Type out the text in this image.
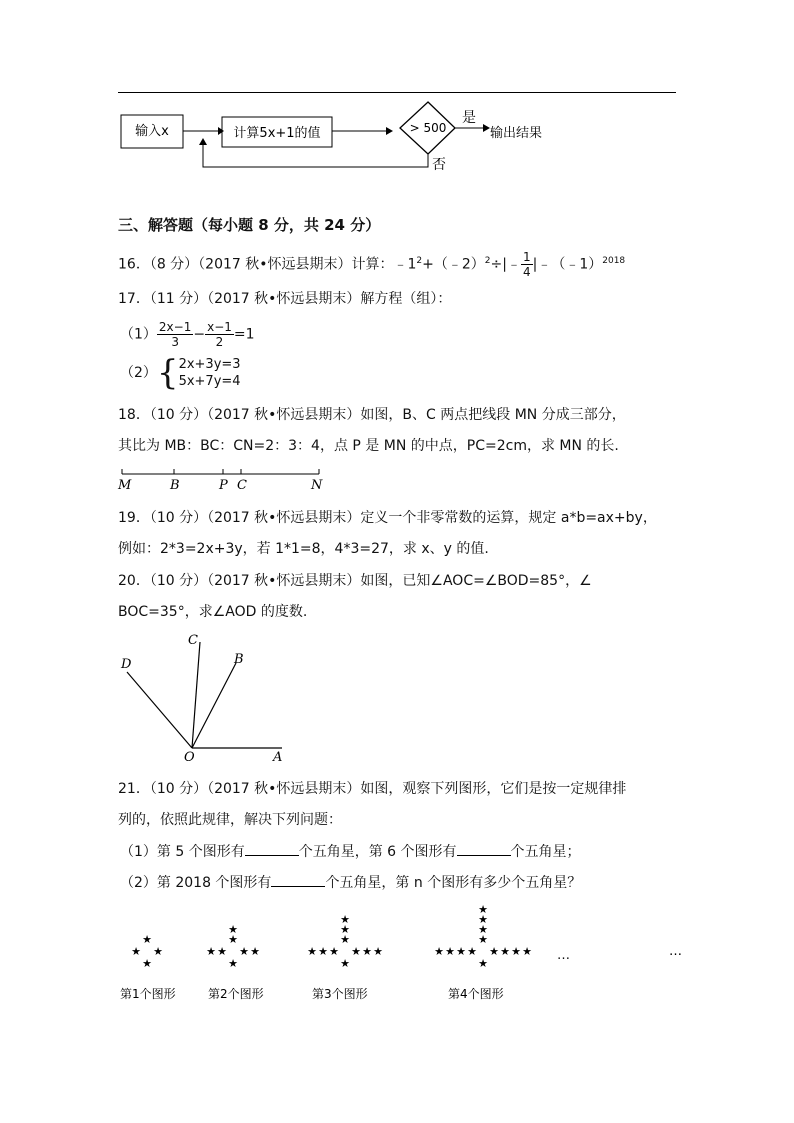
输入x	计算5x+1的值	> 500
是
输出结果
否
三、解答题（每小题 8 分，共 24 分）
16．（8 分）（2017 秋•怀远县期末）计算：$﹣1^2+(﹣2)^2\div|﹣ \frac{1}{4}$ |﹣（﹣1）$^{2018}$
17．（11 分）（2017 秋•怀远县期末）解方程（组）：
$(1) \frac{2x-1}{3} - \frac{x-1}{2} =1$
（2）{ 2x+3y=3
5x+7y=4
18．（10 分）（2017 秋•怀远县期末）如图，B、C 两点把线段 MN 分成三部分，
其比为 MB：BC：CN=2：3：4，点 P 是 MN 的中点，PC=2cm，求 MN 的长.
M	B	P C	N
19．（10 分）（2017 秋•怀远县期末）定义一个非零常数的运算，规定 a*b=ax+by，
例如：2*3=2x+3y，若 1*1=8，4*3=27，求 x、y 的值.
20．（10 分）（2017 秋•怀远县期末）如图，已知∠AOC=∠BOD=85°，∠
BOC=35°，求∠AOD 的度数.
C
D	B
O	A
21．（10 分）（2017 秋•怀远县期末）如图，观察下列图形，它们是按一定规律排
列的，依照此规律，解决下列问题：
（1）第 5 个图形有	个五角星，第 6 个图形有	个五角星；
（2）第 2018 个图形有	个五角星，第 n 个图形有多少个五角星？
★ ★
★
★
★ ★
★	★
★
★
★
★ ★
★	★
★	★
★
★
★
★
★ ★
★	★
★	★
★	★
★
★
★
★
★
…
第1个图形	第2个图形	第3个图形	第4个图形
…
